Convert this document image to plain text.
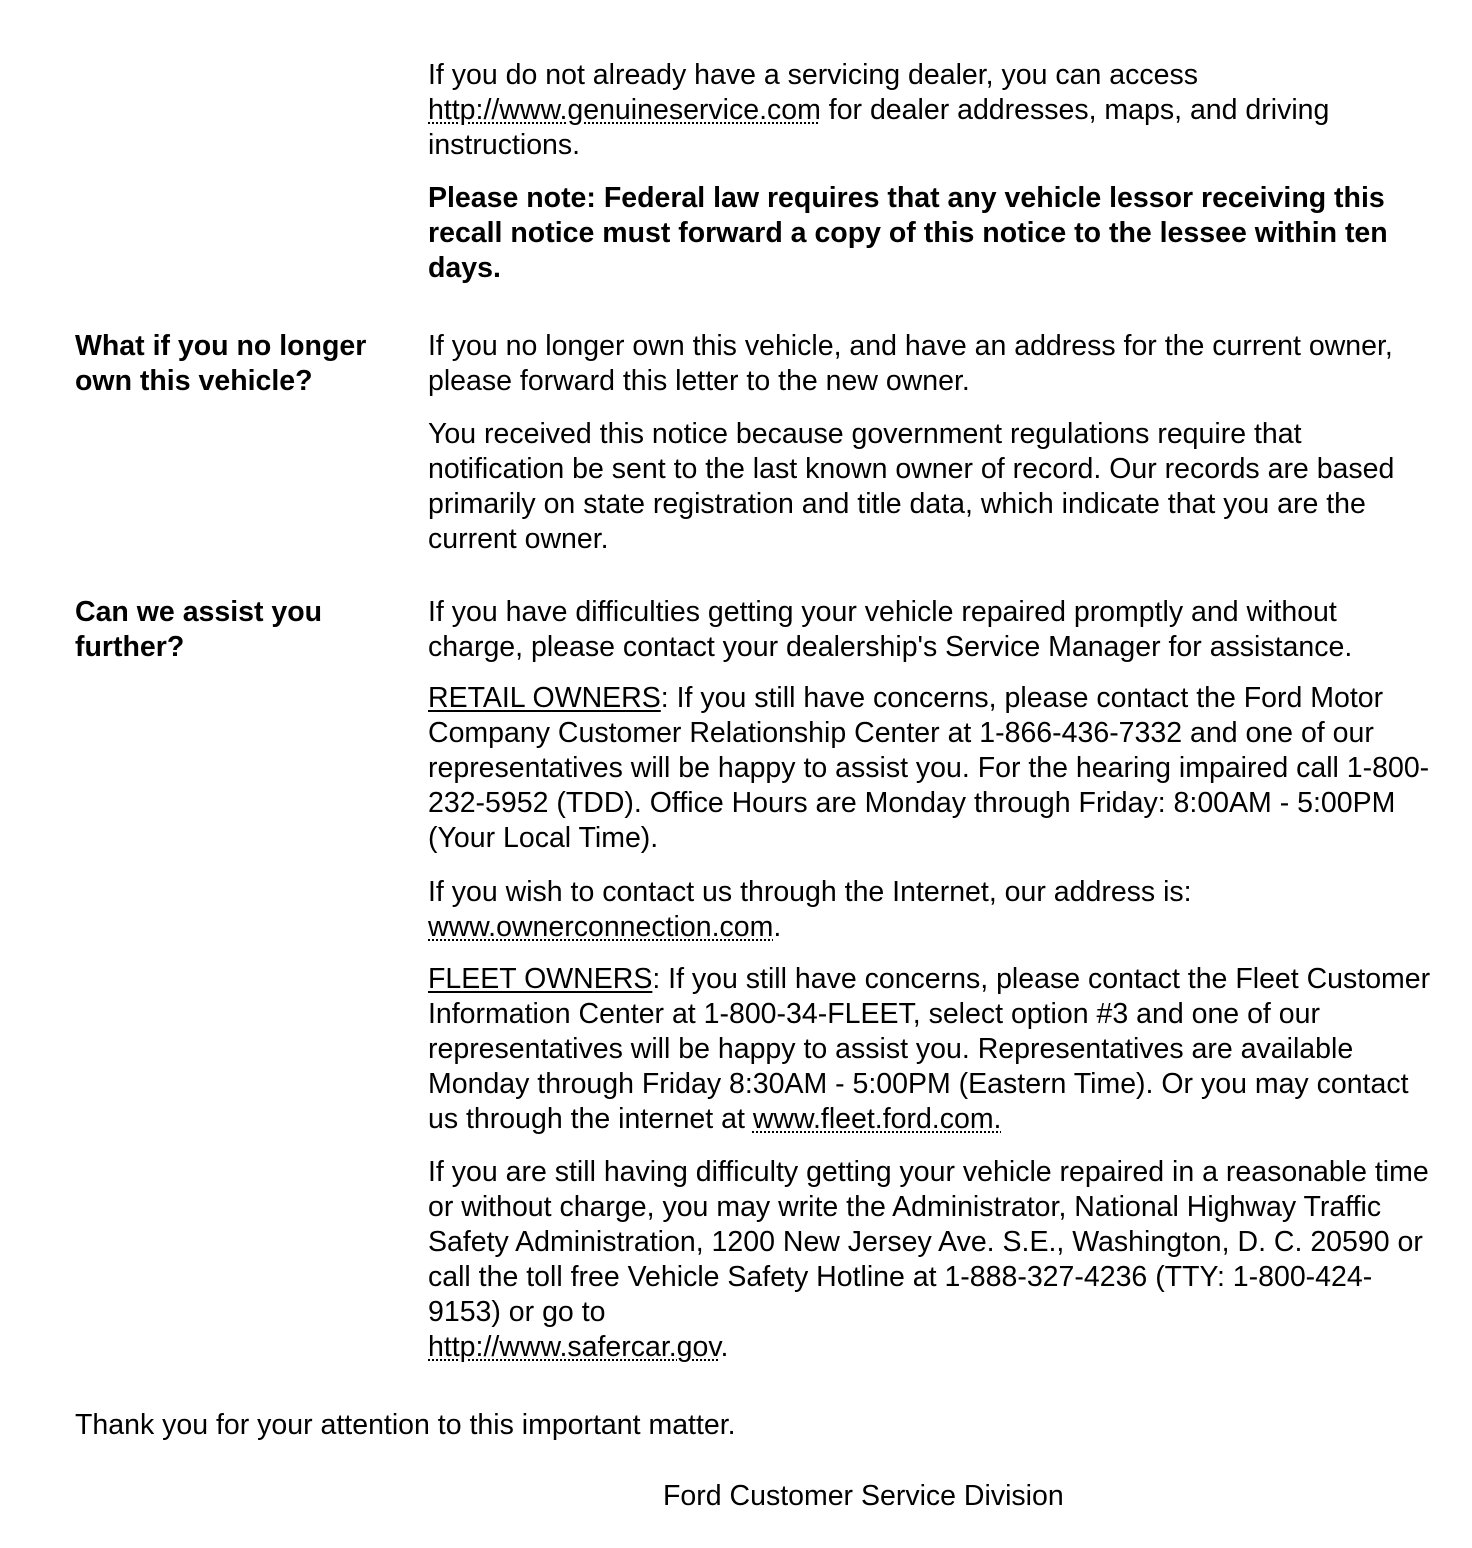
If you do not already have a servicing dealer, you can access
http://www.genuineservice.com for dealer addresses, maps, and driving instructions.

Please note: Federal law requires that any vehicle lessor receiving this recall notice must forward a copy of this notice to the lessee within ten days.

What if you no longer own this vehicle?

If you no longer own this vehicle, and have an address for the current owner, please forward this letter to the new owner.

You received this notice because government regulations require that notification be sent to the last known owner of record. Our records are based primarily on state registration and title data, which indicate that you are the current owner.

Can we assist you further?

If you have difficulties getting your vehicle repaired promptly and without charge, please contact your dealership's Service Manager for assistance.

RETAIL OWNERS: If you still have concerns, please contact the Ford Motor Company Customer Relationship Center at 1-866-436-7332 and one of our representatives will be happy to assist you. For the hearing impaired call 1-800-232-5952 (TDD). Office Hours are Monday through Friday: 8:00AM - 5:00PM (Your Local Time).

If you wish to contact us through the Internet, our address is:
www.ownerconnection.com.

FLEET OWNERS: If you still have concerns, please contact the Fleet Customer Information Center at 1-800-34-FLEET, select option #3 and one of our representatives will be happy to assist you. Representatives are available Monday through Friday 8:30AM - 5:00PM (Eastern Time). Or you may contact us through the internet at www.fleet.ford.com.

If you are still having difficulty getting your vehicle repaired in a reasonable time or without charge, you may write the Administrator, National Highway Traffic Safety Administration, 1200 New Jersey Ave. S.E., Washington, D. C. 20590 or call the toll free Vehicle Safety Hotline at 1-888-327-4236 (TTY: 1-800-424-9153) or go to
http://www.safercar.gov.

Thank you for your attention to this important matter.

Ford Customer Service Division
